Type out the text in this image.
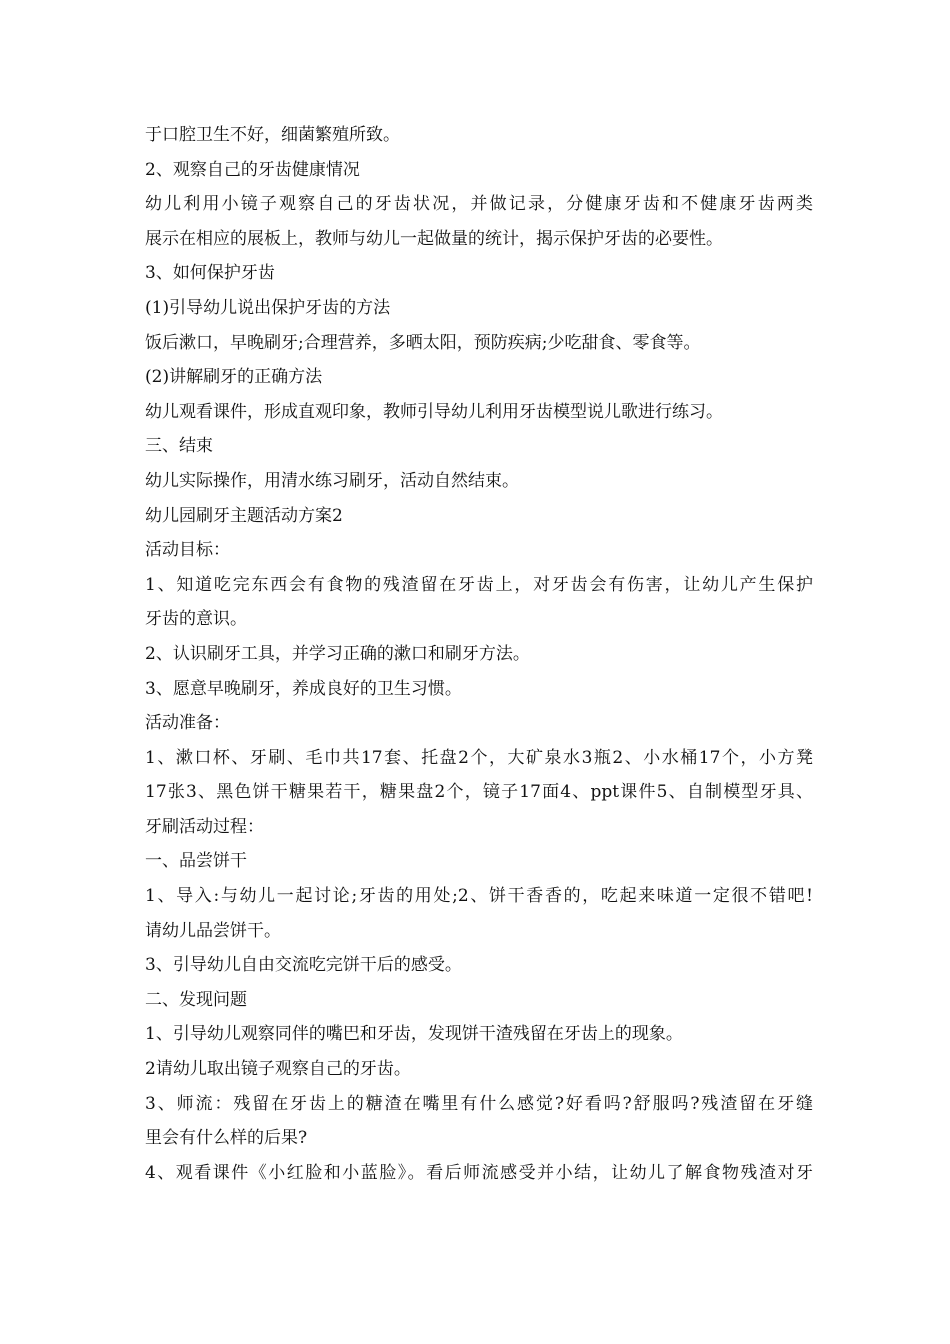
于口腔卫生不好，细菌繁殖所致。
2、观察自己的牙齿健康情况
幼儿利用小镜子观察自己的牙齿状况，并做记录，分健康牙齿和不健康牙齿两类
展示在相应的展板上，教师与幼儿一起做量的统计，揭示保护牙齿的必要性。
3、如何保护牙齿
(1)引导幼儿说出保护牙齿的方法
饭后漱口，早晚刷牙;合理营养，多晒太阳，预防疾病;少吃甜食、零食等。
(2)讲解刷牙的正确方法
幼儿观看课件，形成直观印象，教师引导幼儿利用牙齿模型说儿歌进行练习。
三、结束
幼儿实际操作，用清水练习刷牙，活动自然结束。
幼儿园刷牙主题活动方案2
活动目标：
1、知道吃完东西会有食物的残渣留在牙齿上，对牙齿会有伤害，让幼儿产生保护
牙齿的意识。
2、认识刷牙工具，并学习正确的漱口和刷牙方法。
3、愿意早晚刷牙，养成良好的卫生习惯。
活动准备：
1、漱口杯、牙刷、毛巾共17套、托盘2个，大矿泉水3瓶2、小水桶17个，小方凳
17张3、黑色饼干糖果若干，糖果盘2个，镜子17面4、ppt课件5、自制模型牙具、
牙刷活动过程：
一、品尝饼干
1、导入:与幼儿一起讨论;牙齿的用处;2、饼干香香的，吃起来味道一定很不错吧!
请幼儿品尝饼干。
3、引导幼儿自由交流吃完饼干后的感受。
二、发现问题
1、引导幼儿观察同伴的嘴巴和牙齿，发现饼干渣残留在牙齿上的现象。
2请幼儿取出镜子观察自己的牙齿。
3、师流：残留在牙齿上的糖渣在嘴里有什么感觉?好看吗?舒服吗?残渣留在牙缝
里会有什么样的后果?
4、观看课件《小红脸和小蓝脸》。看后师流感受并小结，让幼儿了解食物残渣对牙
